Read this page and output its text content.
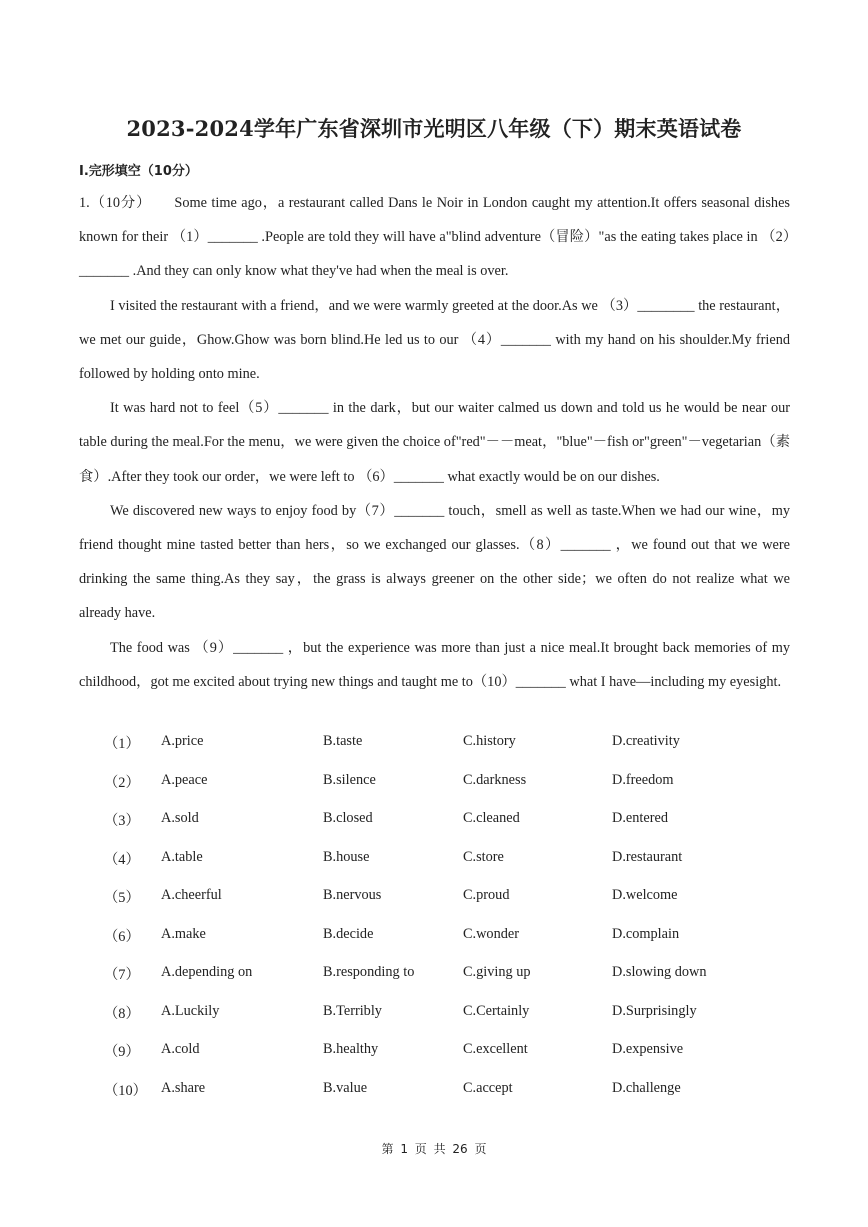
2023-2024学年广东省深圳市光明区八年级（下）期末英语试卷
I.完形填空（10分）

1.（10分）　　Some time ago，a restaurant called Dans le Noir in London caught my attention.It offers seasonal dishes known for their （1）_______ .People are told they will have a"blind adventure（冒险）"as the eating takes place in （2）_______ .And they can only know what they've had when the meal is over.

I visited the restaurant with a friend，and we were warmly greeted at the door.As we （3）________ the restaurant，we met our guide，Ghow.Ghow was born blind.He led us to our （4）_______ with my hand on his shoulder.My friend followed by holding onto mine.

It was hard not to feel（5）_______ in the dark，but our waiter calmed us down and told us he would be near our table during the meal.For the menu，we were given the choice of"red"－－meat，"blue"－fish or"green"－vegetarian（素食）.After they took our order，we were left to （6）_______ what exactly would be on our dishes.

We discovered new ways to enjoy food by（7）_______ touch，smell as well as taste.When we had our wine，my friend thought mine tasted better than hers，so we exchanged our glasses.（8）_______ ，we found out that we were drinking the same thing.As they say，the grass is always greener on the other side；we often do not realize what we already have.

The food was （9）_______ ，but the experience was more than just a nice meal.It brought back memories of my childhood，got me excited about trying new things and taught me to（10）_______ what I have—including my eyesight.

（1） A.price	B.taste	C.history	D.creativity
（2） A.peace	B.silence	C.darkness	D.freedom
（3） A.sold	B.closed	C.cleaned	D.entered
（4） A.table	B.house	C.store	D.restaurant
（5） A.cheerful	B.nervous	C.proud	D.welcome
（6） A.make	B.decide	C.wonder	D.complain
（7） A.depending on	B.responding to	C.giving up	D.slowing down
（8） A.Luckily	B.Terribly	C.Certainly	D.Surprisingly
（9） A.cold	B.healthy	C.excellent	D.expensive
（10） A.share	B.value	C.accept	D.challenge
第 1 页 共 26 页
